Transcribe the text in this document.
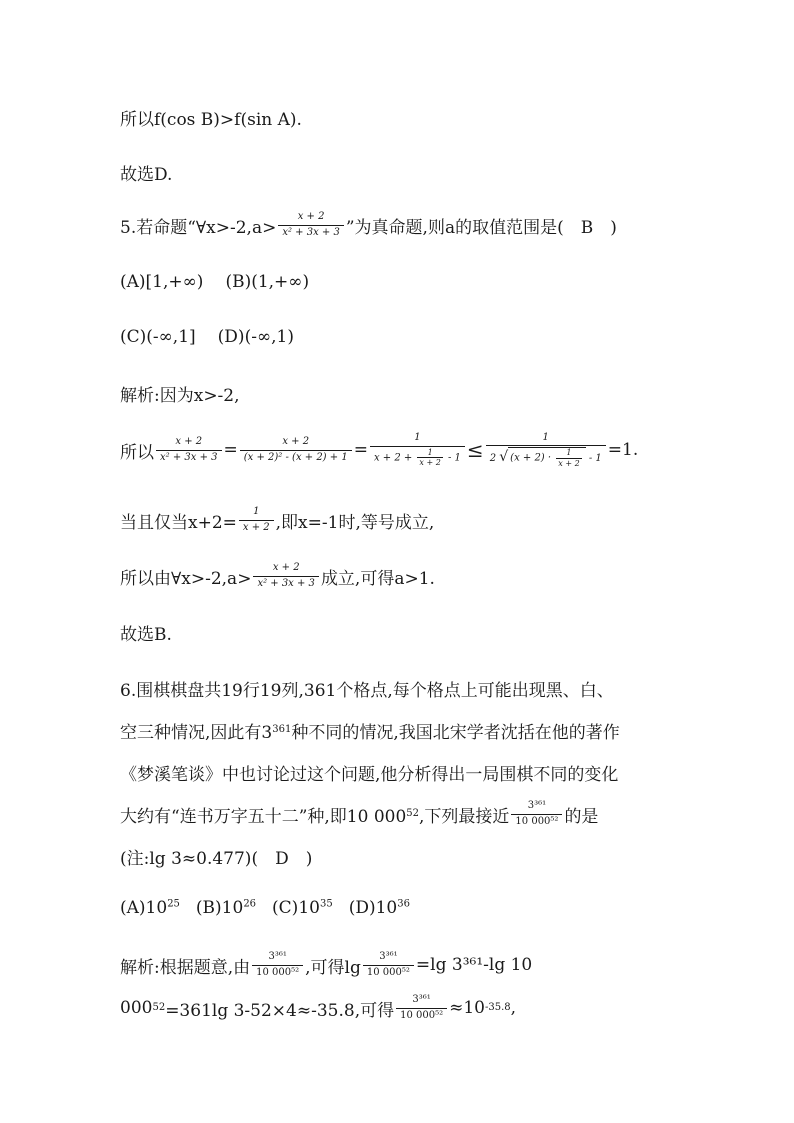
所以f(cos B)>f(sin A).
故选D.
5.若命题“∀x>-2,a> $\frac{x + 2}{\text{x² + 3x + 3}}$ ”为真命题,则a的取值范围是( B )
(A)[1,+∞) (B)(1,+∞)
(C)(-∞,1] (D)(-∞,1)
解析:因为x>-2,
所以 $\frac{x + 2}{\text{x² + 3x + 3}} = \frac{x + 2}{\text{(x + 2)² - (x + 2) + 1}} = \frac{1}{x + 2 + \frac{1}{x + 2} - 1}$ ≤
1
2 √ $(x + 2) \cdot \frac{1}{x + 2} - 1 =1$.
当且仅当$x+2= \frac{1}{x + 2}$ ,即x=-1时,等号成立,
所以由∀x>-2,a> $\frac{x + 2}{\text{x² + 3x + 3}}$ 成立,可得a>1.
故选B.
6.围棋棋盘共19行19列,361个格点,每个格点上可能出现黑、白、
空三种情况,因此有3 361 种不同的情况,我国北宋学者沈括在他的著作
《梦溪笔谈》中也讨论过这个问题,他分析得出一局围棋不同的变化
大约有“连书万字五十二”种,即10 000 52 ,下列最接近 $\frac{\text{3³⁶¹}}{\text{10 000⁵²}}$ 的是
(注:lg 3≈0.477)( D )
$(A)10^{25}$ $(B)10^{26}$ $(C)10^{35}$ $(D)10^{36}$
解析:根据题意,由 $\frac{\text{3³⁶¹}}{\text{10 000⁵²}}$ ,可得$\lg \frac{\text{3³⁶¹}}{\text{10 000⁵²}} =\lg$ 3³⁶¹-lg 10
000 52 =361lg 3-52×4≈-35.8,可得 $\frac{\text{3³⁶¹}}{\text{10 000⁵²}} \approx 10$ -35.8 ,
